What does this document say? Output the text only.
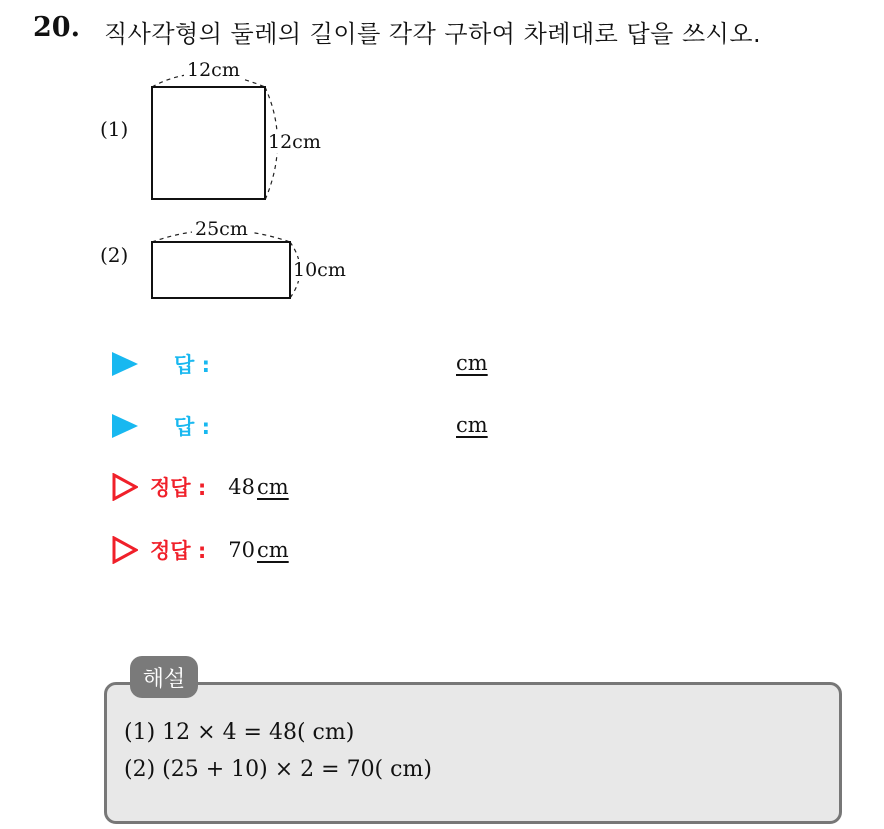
20. 직사각형의 둘레의 길이를 각각 구하여 차례대로 답을 쓰시오.
(1)
12cm
12cm
(2)
25cm
10cm
답 :	cm
답 :	cm
정답 : 48 cm
정답 : 70 cm
해설
(1) 12 × 4 = 48( cm)
(2) (25 + 10) × 2 = 70( cm)
